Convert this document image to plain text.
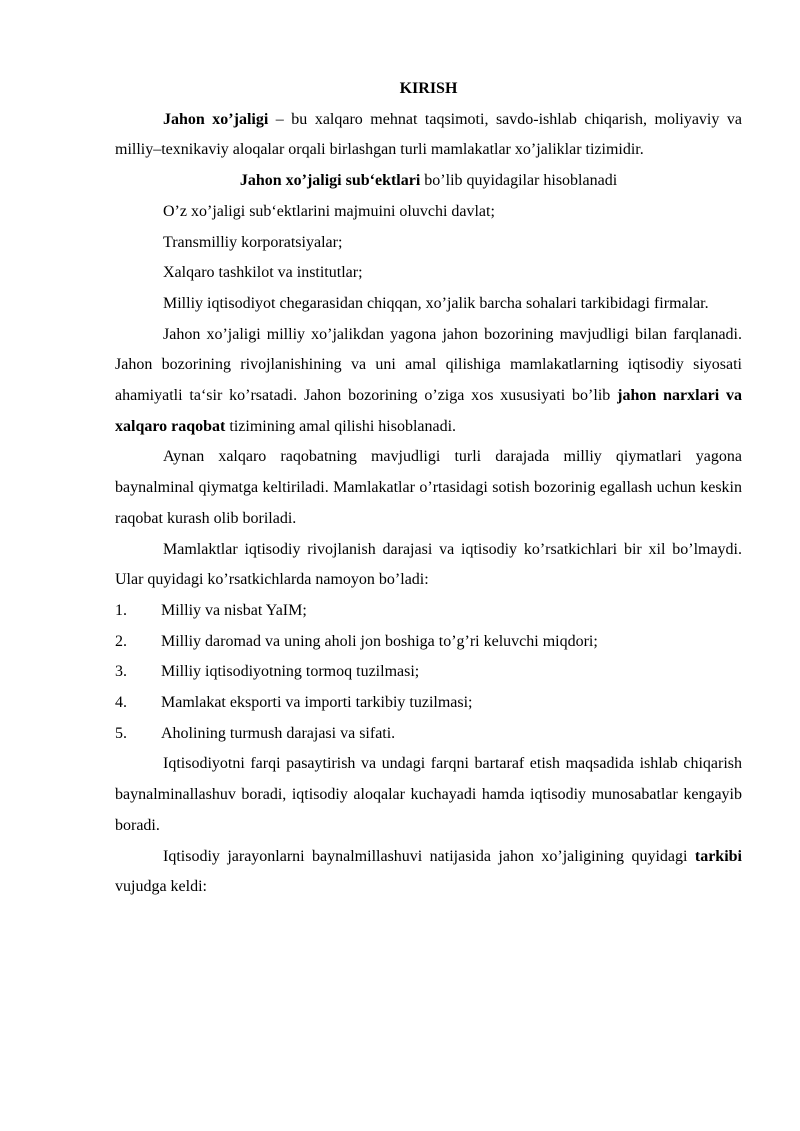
KIRISH

Jahon xo’jaligi – bu xalqaro mehnat taqsimoti, savdo-ishlab chiqarish, moliyaviy va milliy–texnikaviy aloqalar orqali birlashgan turli mamlakatlar xo’jaliklar tizimidir.

Jahon xo’jaligi sub‘ektlari bo’lib quyidagilar hisoblanadi

O’z xo’jaligi sub‘ektlarini majmuini oluvchi davlat;

Transmilliy korporatsiyalar;

Xalqaro tashkilot va institutlar;

Milliy iqtisodiyot chegarasidan chiqqan, xo’jalik barcha sohalari tarkibidagi firmalar.

Jahon xo’jaligi milliy xo’jalikdan yagona jahon bozorining mavjudligi bilan farqlanadi. Jahon bozorining rivojlanishining va uni amal qilishiga mamlakatlarning iqtisodiy siyosati ahamiyatli ta‘sir ko’rsatadi. Jahon bozorining o’ziga xos xususiyati bo’lib jahon narxlari va xalqaro raqobat tizimining amal qilishi hisoblanadi.

Aynan xalqaro raqobatning mavjudligi turli darajada milliy qiymatlari yagona baynalminal qiymatga keltiriladi. Mamlakatlar o’rtasidagi sotish bozorinig egallash uchun keskin raqobat kurash olib boriladi.

Mamlaktlar iqtisodiy rivojlanish darajasi va iqtisodiy ko’rsatkichlari bir xil bo’lmaydi. Ular quyidagi ko’rsatkichlarda namoyon bo’ladi:

1.	Milliy va nisbat YaIM;
2.	Milliy daromad va uning aholi jon boshiga to’g’ri keluvchi miqdori;
3.	Milliy iqtisodiyotning tormoq tuzilmasi;
4.	Mamlakat eksporti va importi tarkibiy tuzilmasi;
5.	Aholining turmush darajasi va sifati.

Iqtisodiyotni farqi pasaytirish va undagi farqni bartaraf etish maqsadida ishlab chiqarish baynalminallashuv boradi, iqtisodiy aloqalar kuchayadi hamda iqtisodiy munosabatlar kengayib boradi.

Iqtisodiy jarayonlarni baynalmillashuvi natijasida jahon xo’jaligining quyidagi tarkibi vujudga keldi:
